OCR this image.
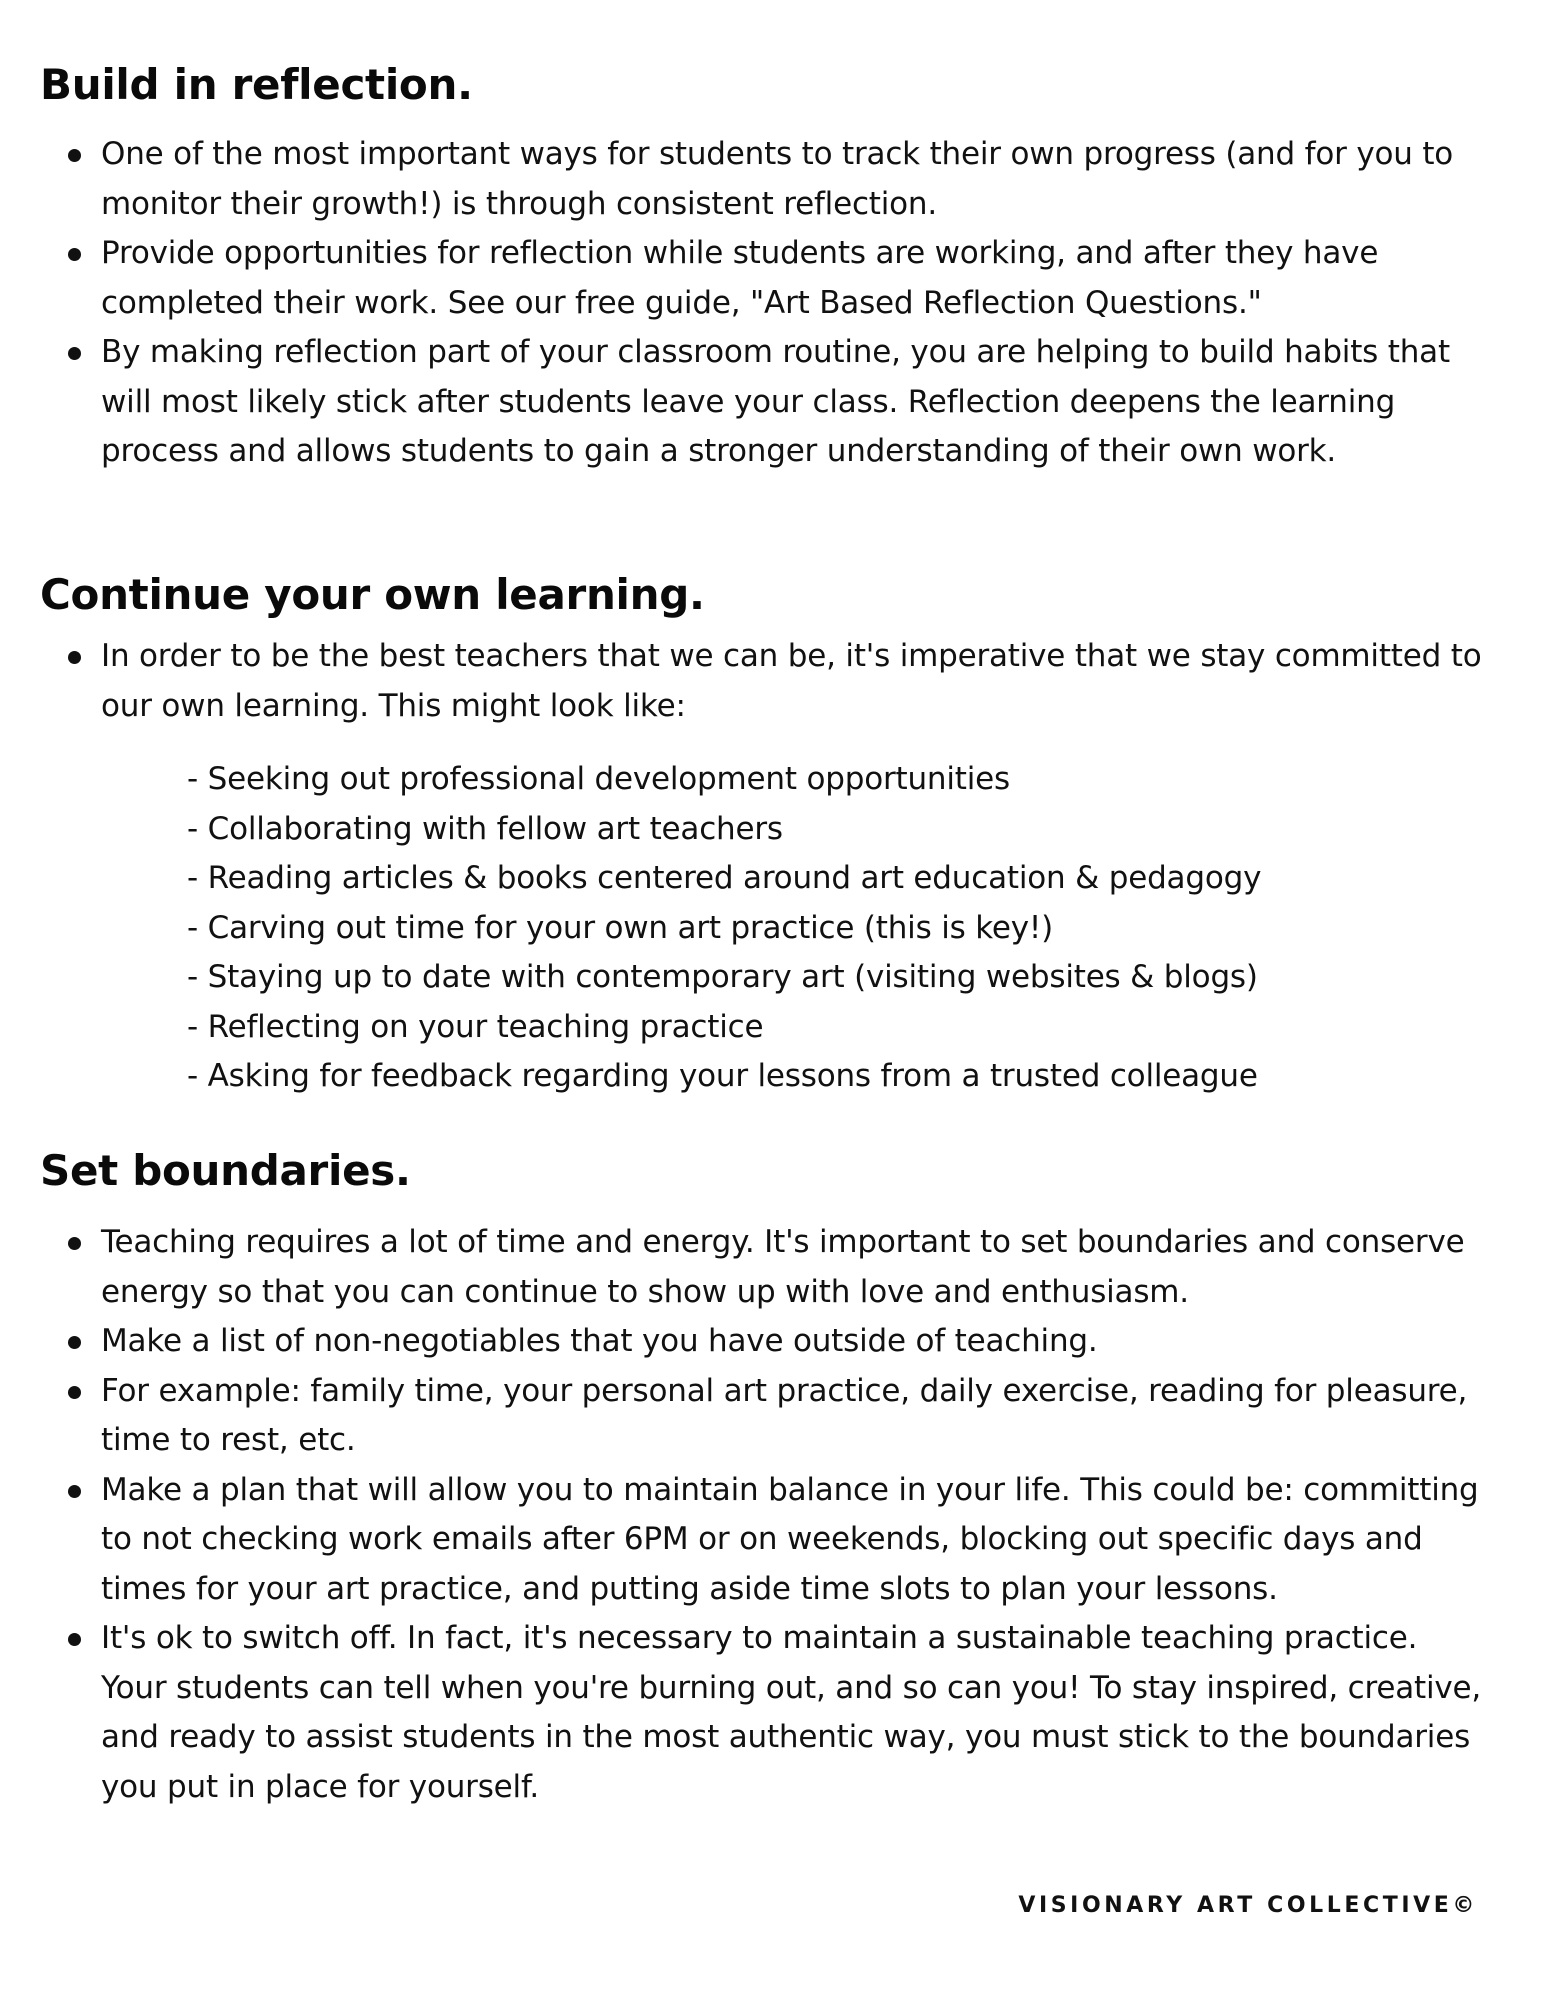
Build in reflection.
One of the most important ways for students to track their own progress (and for you to monitor their growth!) is through consistent reflection.
Provide opportunities for reflection while students are working, and after they have completed their work. See our free guide, "Art Based Reflection Questions."
By making reflection part of your classroom routine, you are helping to build habits that will most likely stick after students leave your class. Reflection deepens the learning process and allows students to gain a stronger understanding of their own work.
Continue your own learning.
In order to be the best teachers that we can be, it's imperative that we stay committed to our own learning. This might look like:
- Seeking out professional development opportunities
- Collaborating with fellow art teachers
- Reading articles & books centered around art education & pedagogy
- Carving out time for your own art practice (this is key!)
- Staying up to date with contemporary art (visiting websites & blogs)
- Reflecting on your teaching practice
- Asking for feedback regarding your lessons from a trusted colleague
Set boundaries.
Teaching requires a lot of time and energy. It's important to set boundaries and conserve energy so that you can continue to show up with love and enthusiasm.
Make a list of non-negotiables that you have outside of teaching.
For example: family time, your personal art practice, daily exercise, reading for pleasure, time to rest, etc.
Make a plan that will allow you to maintain balance in your life. This could be: committing to not checking work emails after 6PM or on weekends, blocking out specific days and times for your art practice, and putting aside time slots to plan your lessons.
It's ok to switch off. In fact, it's necessary to maintain a sustainable teaching practice. Your students can tell when you're burning out, and so can you! To stay inspired, creative, and ready to assist students in the most authentic way, you must stick to the boundaries you put in place for yourself.
VISIONARY ART COLLECTIVE©
